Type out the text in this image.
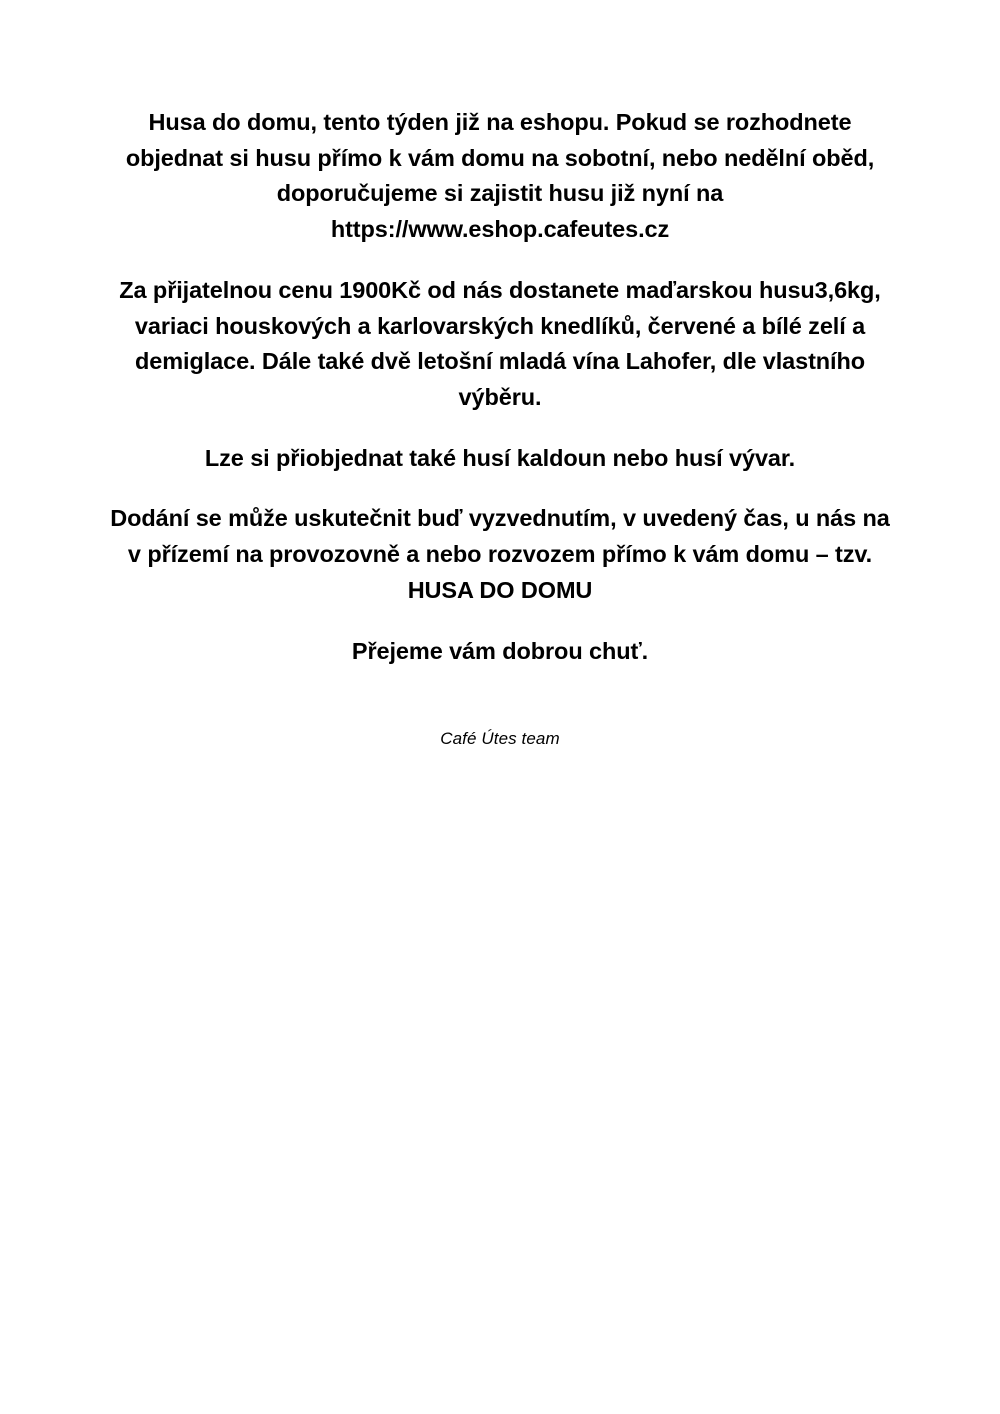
Husa do domu, tento týden již na eshopu. Pokud se rozhodnete objednat si husu přímo k vám domu na sobotní, nebo nedělní oběd, doporučujeme si zajistit husu již nyní na https://www.eshop.cafeutes.cz

Za přijatelnou cenu 1900Kč od nás dostanete maďarskou husu3,6kg, variaci houskových a karlovarských knedlíků, červené a bílé zelí a demiglace. Dále také dvě letošní mladá vína Lahofer, dle vlastního výběru.

Lze si přiobjednat také husí kaldoun nebo husí vývar.

Dodání se může uskutečnit buď vyzvednutím, v uvedený čas, u nás na v přízemí na provozovně a nebo rozvozem přímo k vám domu – tzv. HUSA DO DOMU

Přejeme vám dobrou chuť.

Café Útes team
